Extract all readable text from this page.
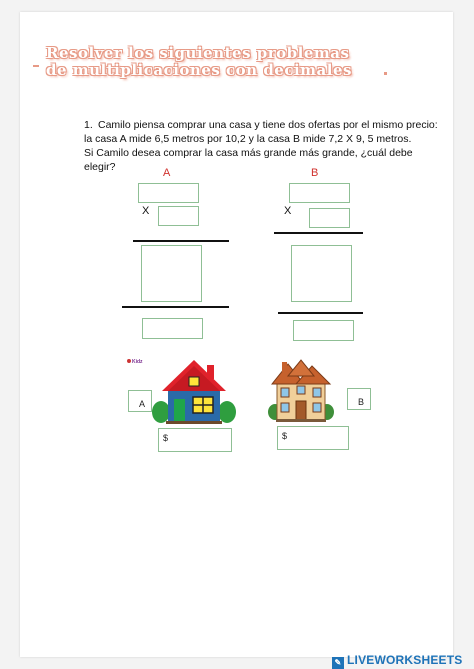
Resolver los siguientes problemas
de multiplicaciones con decimales
1. Camilo piensa comprar una casa y tiene dos ofertas por el mismo precio:
la casa A mide 6,5 metros por 10,2 y la casa B mide 7,2 X 9, 5 metros.
Si Camilo desea comprar la casa más grande más grande, ¿cuál debe
elegir?	A
X
B
X
Kidz
A	B
$	$
✎ LIVEWORKSHEETS
